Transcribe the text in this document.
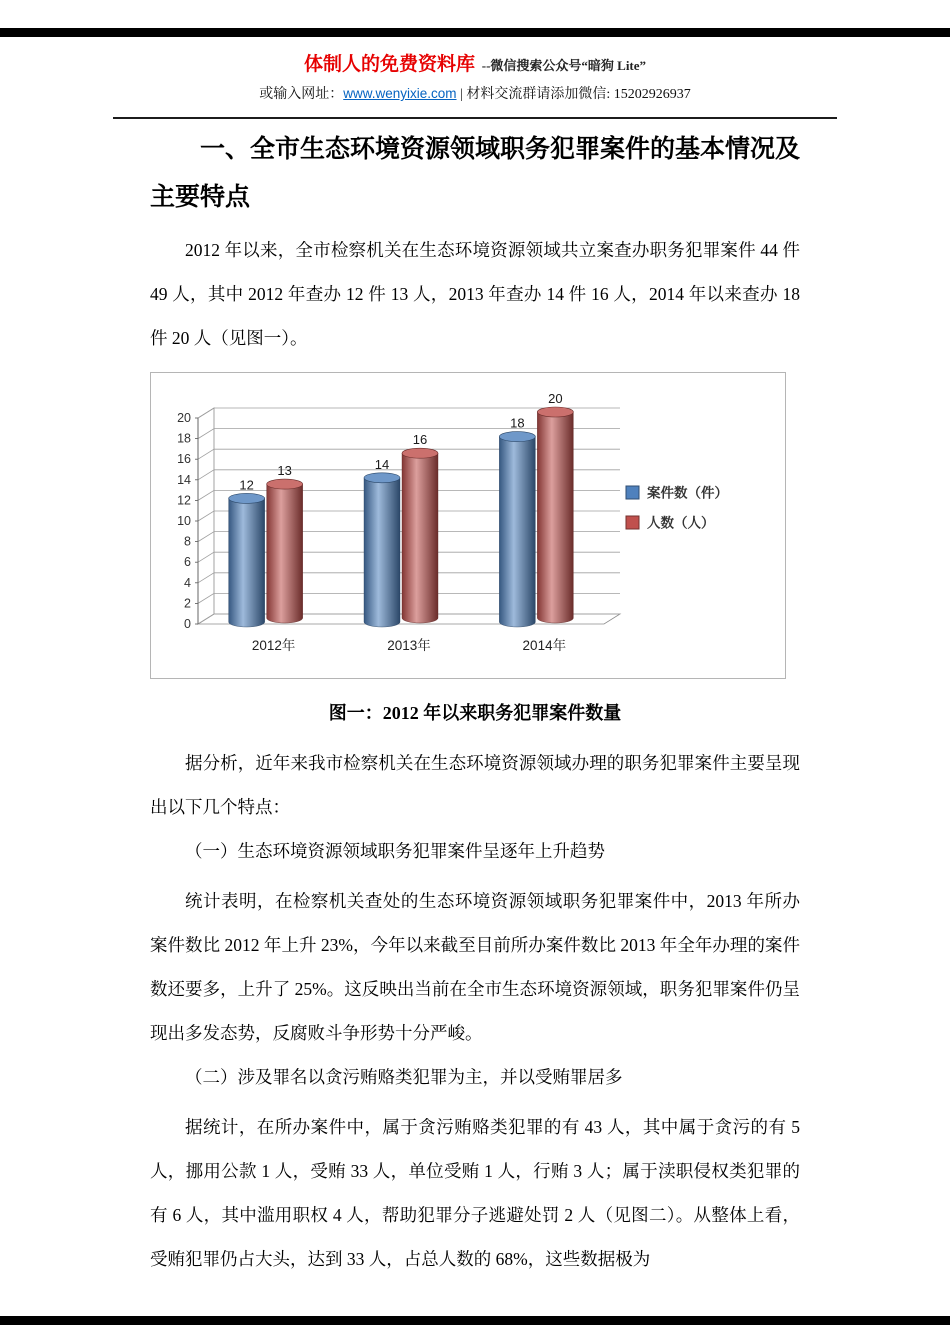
体制人的免费资料库 --微信搜索公众号“暗狗 Lite”
或输入网址：www.wenyixie.com | 材料交流群请添加微信: 15202926937
一、全市生态环境资源领域职务犯罪案件的基本情况及主要特点

2012 年以来，全市检察机关在生态环境资源领域共立案查办职务犯罪案件 44 件 49 人，其中 2012 年查办 12 件 13 人，2013 年查办 14 件 16 人，2014 年以来查办 18 件 20 人（见图一）。

0
2
4
6
8
10
12
14
16
18
20
13
12
2012年
16
14
2013年
20
18
2014年
案件数（件）
人数（人）

图一：2012 年以来职务犯罪案件数量

据分析，近年来我市检察机关在生态环境资源领域办理的职务犯罪案件主要呈现出以下几个特点：

（一）生态环境资源领域职务犯罪案件呈逐年上升趋势

统计表明，在检察机关查处的生态环境资源领域职务犯罪案件中，2013 年所办案件数比 2012 年上升 23%，今年以来截至目前所办案件数比 2013 年全年办理的案件数还要多，上升了 25%。这反映出当前在全市生态环境资源领域，职务犯罪案件仍呈现出多发态势，反腐败斗争形势十分严峻。

（二）涉及罪名以贪污贿赂类犯罪为主，并以受贿罪居多

据统计，在所办案件中，属于贪污贿赂类犯罪的有 43 人，其中属于贪污的有 5 人，挪用公款 1 人，受贿 33 人，单位受贿 1 人，行贿 3 人；属于渎职侵权类犯罪的有 6 人，其中滥用职权 4 人，帮助犯罪分子逃避处罚 2 人（见图二）。从整体上看，受贿犯罪仍占大头，达到 33 人，占总人数的 68%，这些数据极为
